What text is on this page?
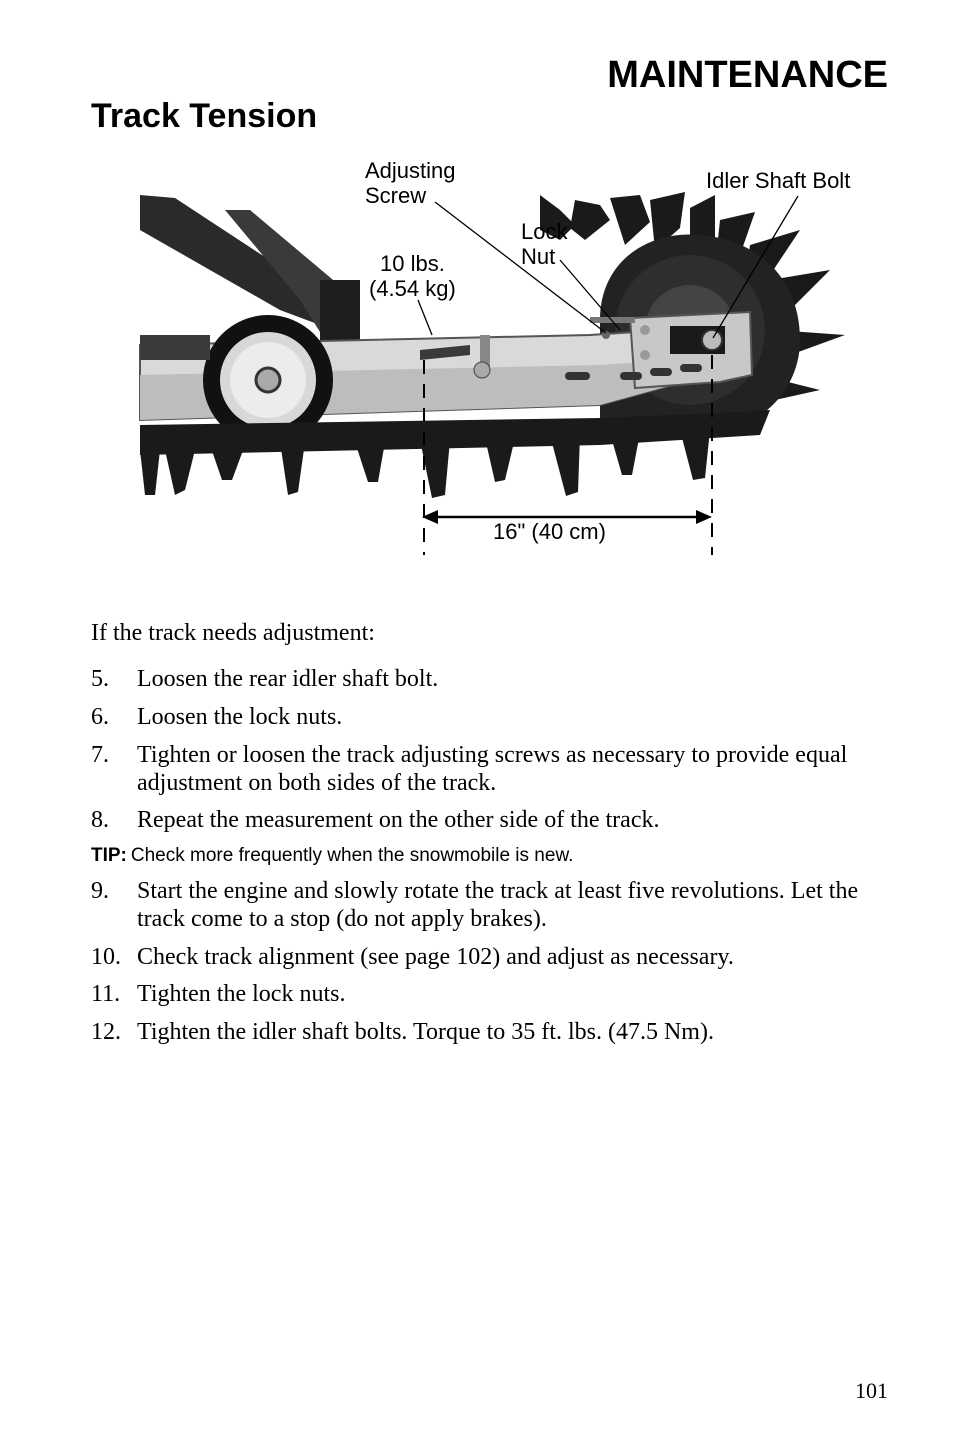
MAINTENANCE
Track Tension
Adjusting
Screw
Idler Shaft Bolt
Lock
Nut
10 lbs.
(4.54 kg)
16" (40 cm)
If the track needs adjustment:
5. Loosen the rear idler shaft bolt.
6. Loosen the lock nuts.
7. Tighten or loosen the track adjusting screws as necessary to provide equal adjustment on both sides of the track.
8. Repeat the measurement on the other side of the track.
TIP: Check more frequently when the snowmobile is new.
9. Start the engine and slowly rotate the track at least five revolutions. Let the track come to a stop (do not apply brakes).
10. Check track alignment (see page 102) and adjust as necessary.
11. Tighten the lock nuts.
12. Tighten the idler shaft bolts. Torque to 35 ft. lbs. (47.5 Nm).
101
